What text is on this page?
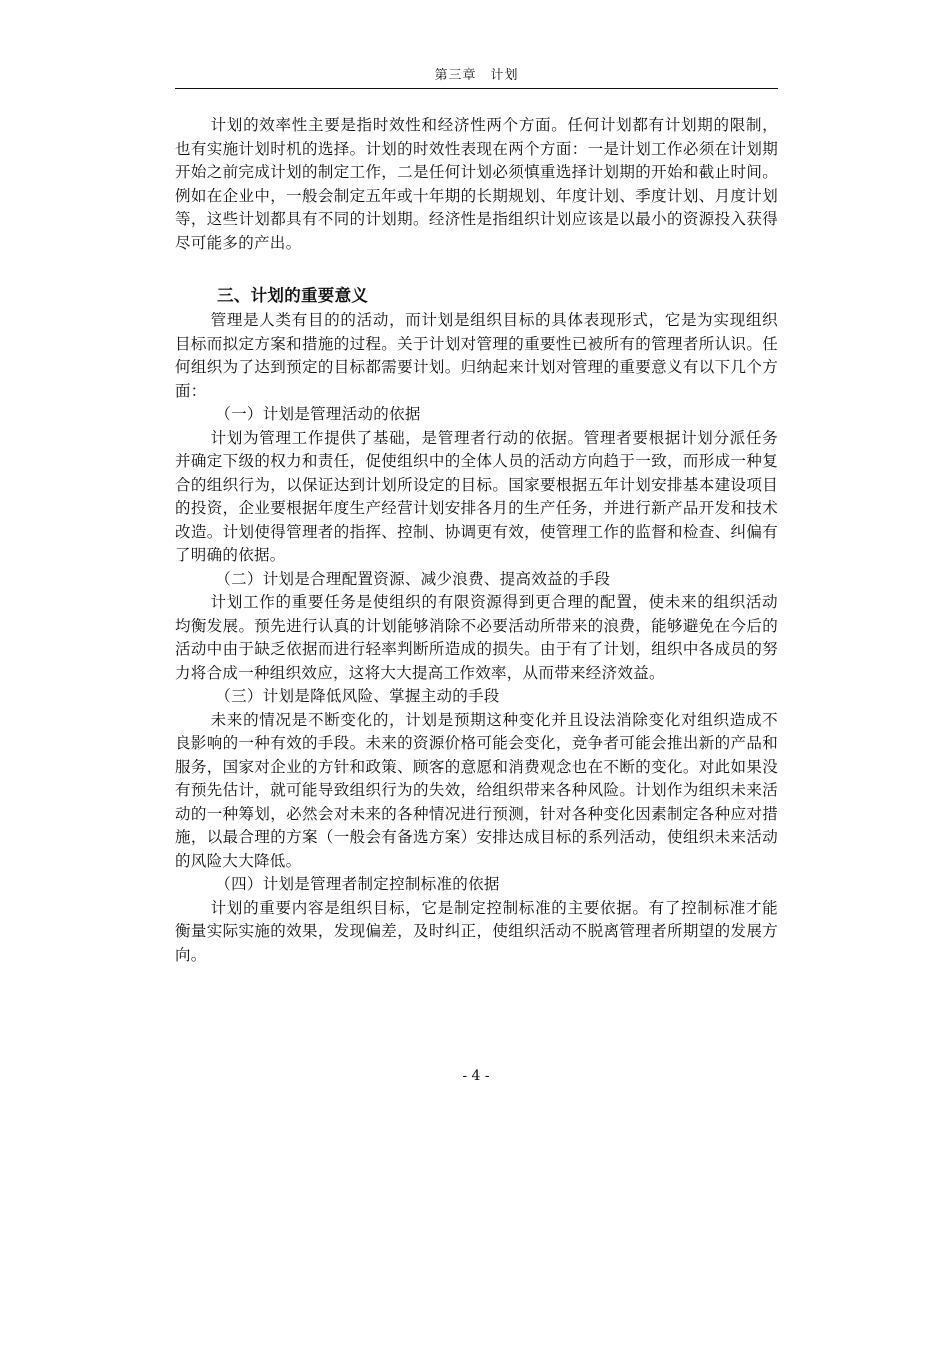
第三章　计划

计划的效率性主要是指时效性和经济性两个方面。任何计划都有计划期的限制，也有实施计划时机的选择。计划的时效性表现在两个方面：一是计划工作必须在计划期开始之前完成计划的制定工作，二是任何计划必须慎重选择计划期的开始和截止时间。例如在企业中，一般会制定五年或十年期的长期规划、年度计划、季度计划、月度计划等，这些计划都具有不同的计划期。经济性是指组织计划应该是以最小的资源投入获得尽可能多的产出。

三、计划的重要意义

管理是人类有目的的活动，而计划是组织目标的具体表现形式，它是为实现组织目标而拟定方案和措施的过程。关于计划对管理的重要性已被所有的管理者所认识。任何组织为了达到预定的目标都需要计划。归纳起来计划对管理的重要意义有以下几个方面：

（一）计划是管理活动的依据

计划为管理工作提供了基础，是管理者行动的依据。管理者要根据计划分派任务并确定下级的权力和责任，促使组织中的全体人员的活动方向趋于一致，而形成一种复合的组织行为，以保证达到计划所设定的目标。国家要根据五年计划安排基本建设项目的投资，企业要根据年度生产经营计划安排各月的生产任务，并进行新产品开发和技术改造。计划使得管理者的指挥、控制、协调更有效，使管理工作的监督和检查、纠偏有了明确的依据。

（二）计划是合理配置资源、减少浪费、提高效益的手段

计划工作的重要任务是使组织的有限资源得到更合理的配置，使未来的组织活动均衡发展。预先进行认真的计划能够消除不必要活动所带来的浪费，能够避免在今后的活动中由于缺乏依据而进行轻率判断所造成的损失。由于有了计划，组织中各成员的努力将合成一种组织效应，这将大大提高工作效率，从而带来经济效益。

（三）计划是降低风险、掌握主动的手段

未来的情况是不断变化的，计划是预期这种变化并且设法消除变化对组织造成不良影响的一种有效的手段。未来的资源价格可能会变化，竞争者可能会推出新的产品和服务，国家对企业的方针和政策、顾客的意愿和消费观念也在不断的变化。对此如果没有预先估计，就可能导致组织行为的失效，给组织带来各种风险。计划作为组织未来活动的一种筹划，必然会对未来的各种情况进行预测，针对各种变化因素制定各种应对措施，以最合理的方案（一般会有备选方案）安排达成目标的系列活动，使组织未来活动的风险大大降低。

（四）计划是管理者制定控制标准的依据

计划的重要内容是组织目标，它是制定控制标准的主要依据。有了控制标准才能衡量实际实施的效果，发现偏差，及时纠正，使组织活动不脱离管理者所期望的发展方向。

- 4 -
